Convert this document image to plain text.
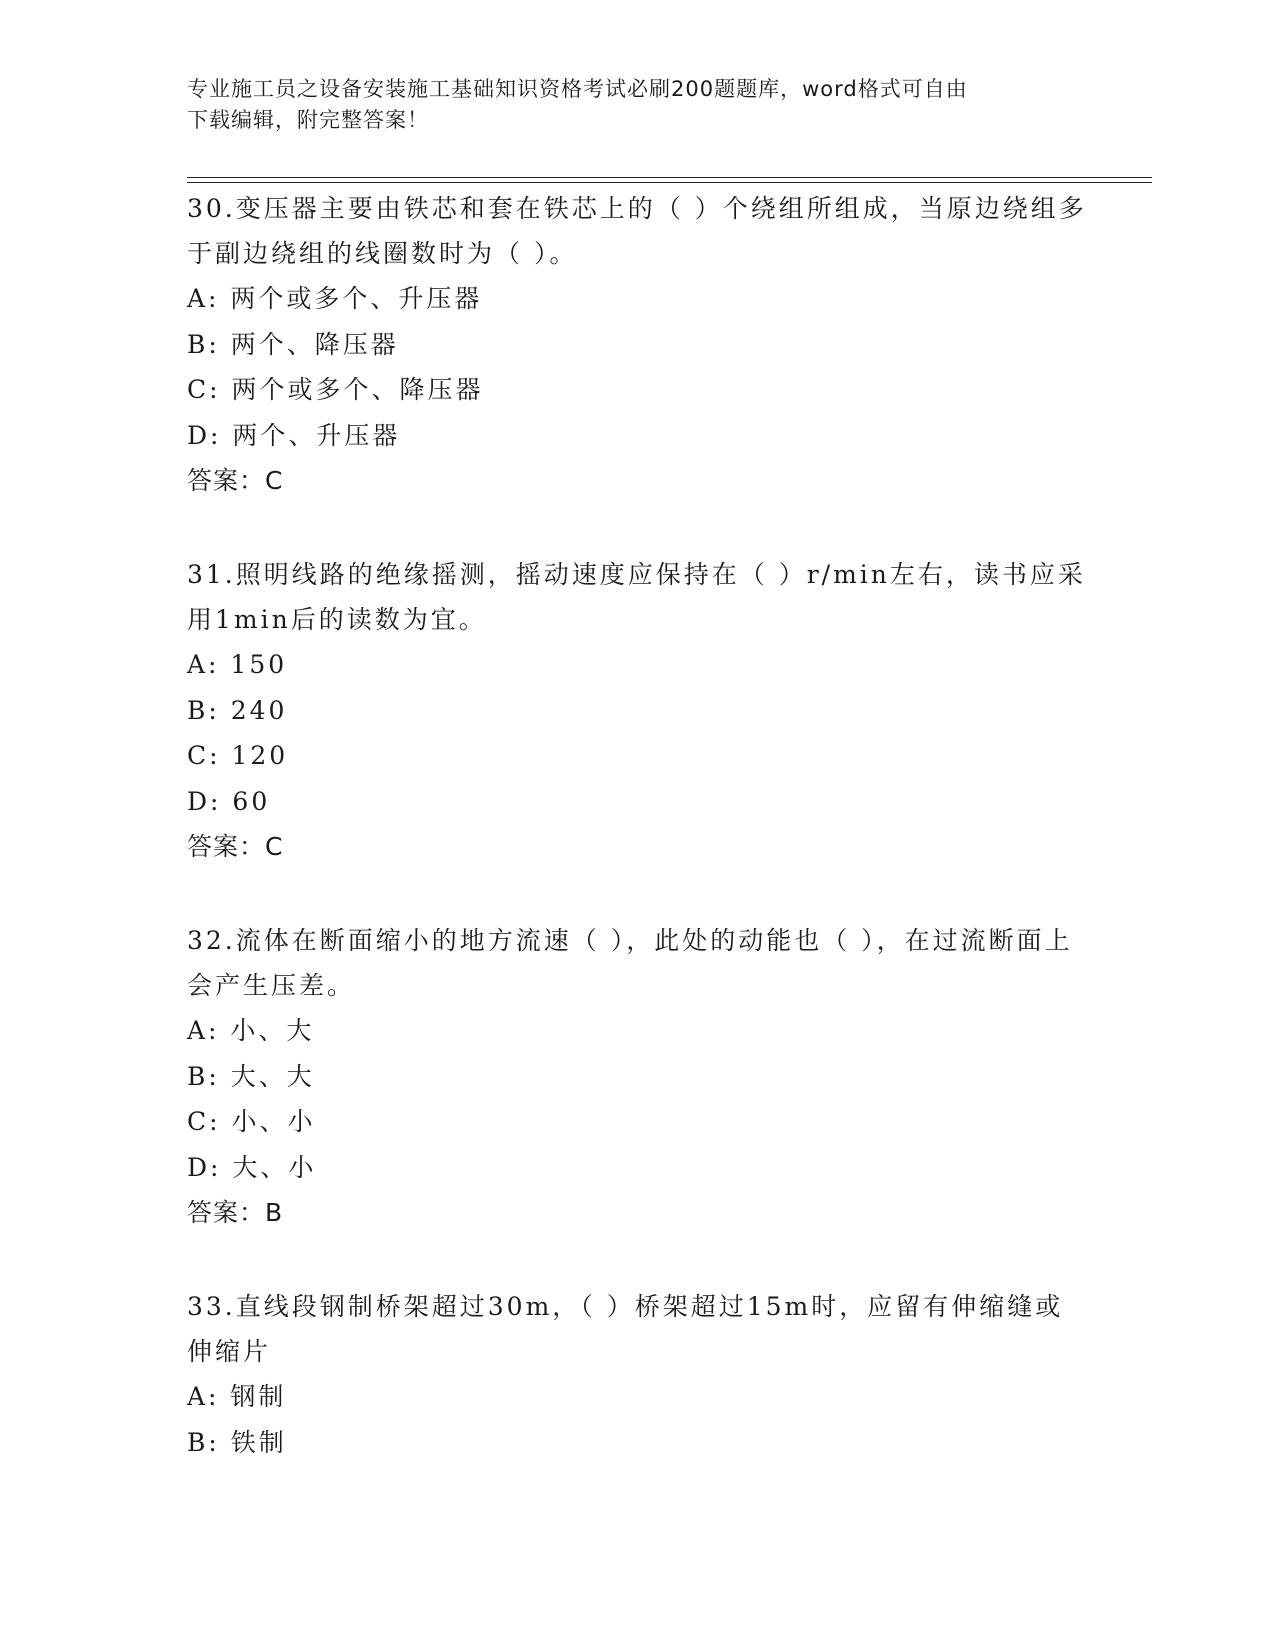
专业施工员之设备安装施工基础知识资格考试必刷200题题库，word格式可自由
下载编辑，附完整答案！

30.变压器主要由铁芯和套在铁芯上的（ ）个绕组所组成，当原边绕组多于副边绕组的线圈数时为（ ）。

A: 两个或多个、升压器

B: 两个、降压器

C: 两个或多个、降压器

D: 两个、升压器

答案：C

31.照明线路的绝缘摇测，摇动速度应保持在（ ）r/min左右，读书应采用1min后的读数为宜。

A: 150

B: 240

C: 120

D: 60

答案：C

32.流体在断面缩小的地方流速（ ），此处的动能也（ ），在过流断面上会产生压差。

A: 小、大

B: 大、大

C: 小、小

D: 大、小

答案：B

33.直线段钢制桥架超过30m，（ ）桥架超过15m时，应留有伸缩缝或伸缩片

A: 钢制

B: 铁制
